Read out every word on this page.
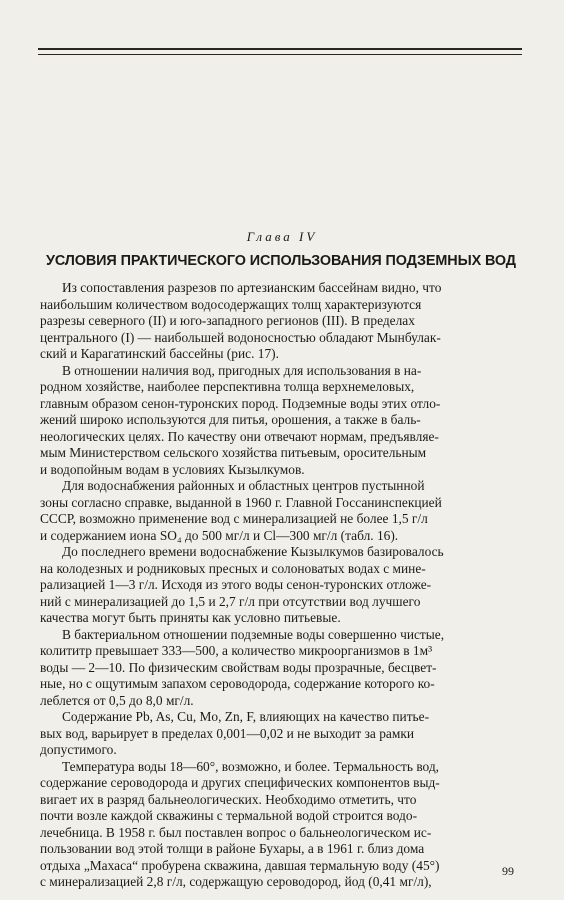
Глава IV
УСЛОВИЯ ПРАКТИЧЕСКОГО ИСПОЛЬЗОВАНИЯ ПОДЗЕМНЫХ ВОД
Из сопоставления разрезов по артезианским бассейнам видно, что
наибольшим количеством водосодержащих толщ характеризуются
разрезы северного (II) и юго-западного регионов (III). В пределах
центрального (I) — наибольшей водоносностью обладают Мынбулак-
ский и Карагатинский бассейны (рис. 17).
В отношении наличия вод, пригодных для использования в на-
родном хозяйстве, наиболее перспективна толща верхнемеловых,
главным образом сенон-туронских пород. Подземные воды этих отло-
жений широко используются для питья, орошения, а также в баль-
неологических целях. По качеству они отвечают нормам, предъявляе-
мым Министерством сельского хозяйства питьевым, оросительным
и водопойным водам в условиях Кызылкумов.
Для водоснабжения районных и областных центров пустынной
зоны согласно справке, выданной в 1960 г. Главной Госсанинспекцией
СССР, возможно применение вод с минерализацией не более 1,5 г/л
и содержанием иона SO₄ до 500 мг/л и Cl—300 мг/л (табл. 16).
До последнего времени водоснабжение Кызылкумов базировалось
на колодезных и родниковых пресных и солоноватых водах с мине-
рализацией 1—3 г/л. Исходя из этого воды сенон-туронских отложе-
ний с минерализацией до 1,5 и 2,7 г/л при отсутствии вод лучшего
качества могут быть приняты как условно питьевые.
В бактериальном отношении подземные воды совершенно чистые,
колититр превышает 333—500, а количество микроорганизмов в 1м³
воды — 2—10. По физическим свойствам воды прозрачные, бесцвет-
ные, но с ощутимым запахом сероводорода, содержание которого ко-
леблется от 0,5 до 8,0 мг/л.
Содержание Pb, As, Cu, Mo, Zn, F, влияющих на качество питье-
вых вод, варьирует в пределах 0,001—0,02 и не выходит за рамки
допустимого.
Температура воды 18—60°, возможно, и более. Термальность вод,
содержание сероводорода и других специфических компонентов выд-
вигает их в разряд бальнеологических. Необходимо отметить, что
почти возле каждой скважины с термальной водой строится водо-
лечебница. В 1958 г. был поставлен вопрос о бальнеологическом ис-
пользовании вод этой толщи в районе Бухары, а в 1961 г. близ дома
отдыха „Махаса“ пробурена скважина, давшая термальную воду (45°)
с минерализацией 2,8 г/л, содержащую сероводород, йод (0,41 мг/л),
99
